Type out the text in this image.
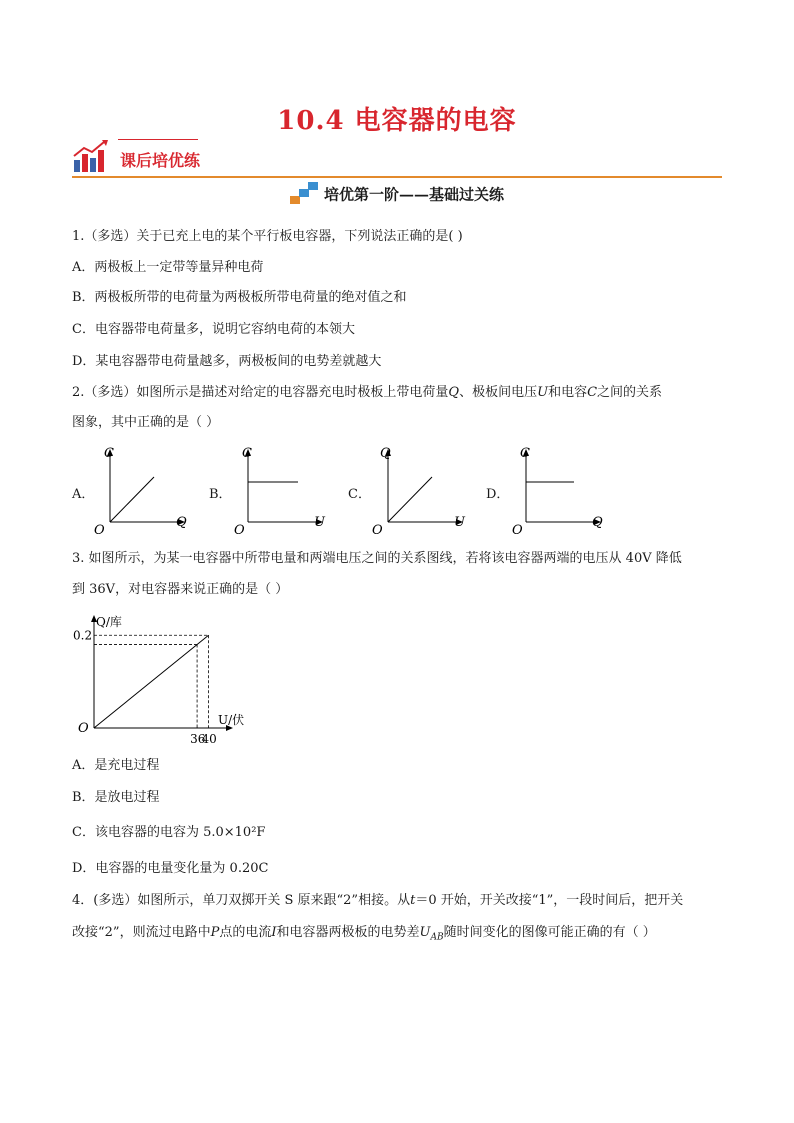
10.4 电容器的电容
课后培优练
培优第一阶——基础过关练
1.（多选）关于已充上电的某个平行板电容器，下列说法正确的是( )
A．两极板上一定带等量异种电荷
B．两极板所带的电荷量为两极板所带电荷量的绝对值之和
C．电容器带电荷量多，说明它容纳电荷的本领大
D．某电容器带电荷量越多，两极板间的电势差就越大
2.（多选）如图所示是描述对给定的电容器充电时极板上带电荷量Q、极板间电压U和电容C之间的关系
图象，其中正确的是（ ）
A．
C
Q
O
B．
C
U
O
C．
Q
U
O
D．
C
Q
O
3. 如图所示，为某一电容器中所带电量和两端电压之间的关系图线，若将该电容器两端的电压从 40V 降低
到 36V，对电容器来说正确的是（ ）
Q/库
U/伏
O
0.2
36
40
A．是充电过程
B．是放电过程
C．该电容器的电容为 5.0×10²F
D．电容器的电量变化量为 0.20C
4．(多选）如图所示，单刀双掷开关 S 原来跟“2”相接。从t＝0 开始，开关改接“1”，一段时间后，把开关
改接“2”，则流过电路中P点的电流I和电容器两极板的电势差$U_{AB}$随时间变化的图像可能正确的有（ ）
